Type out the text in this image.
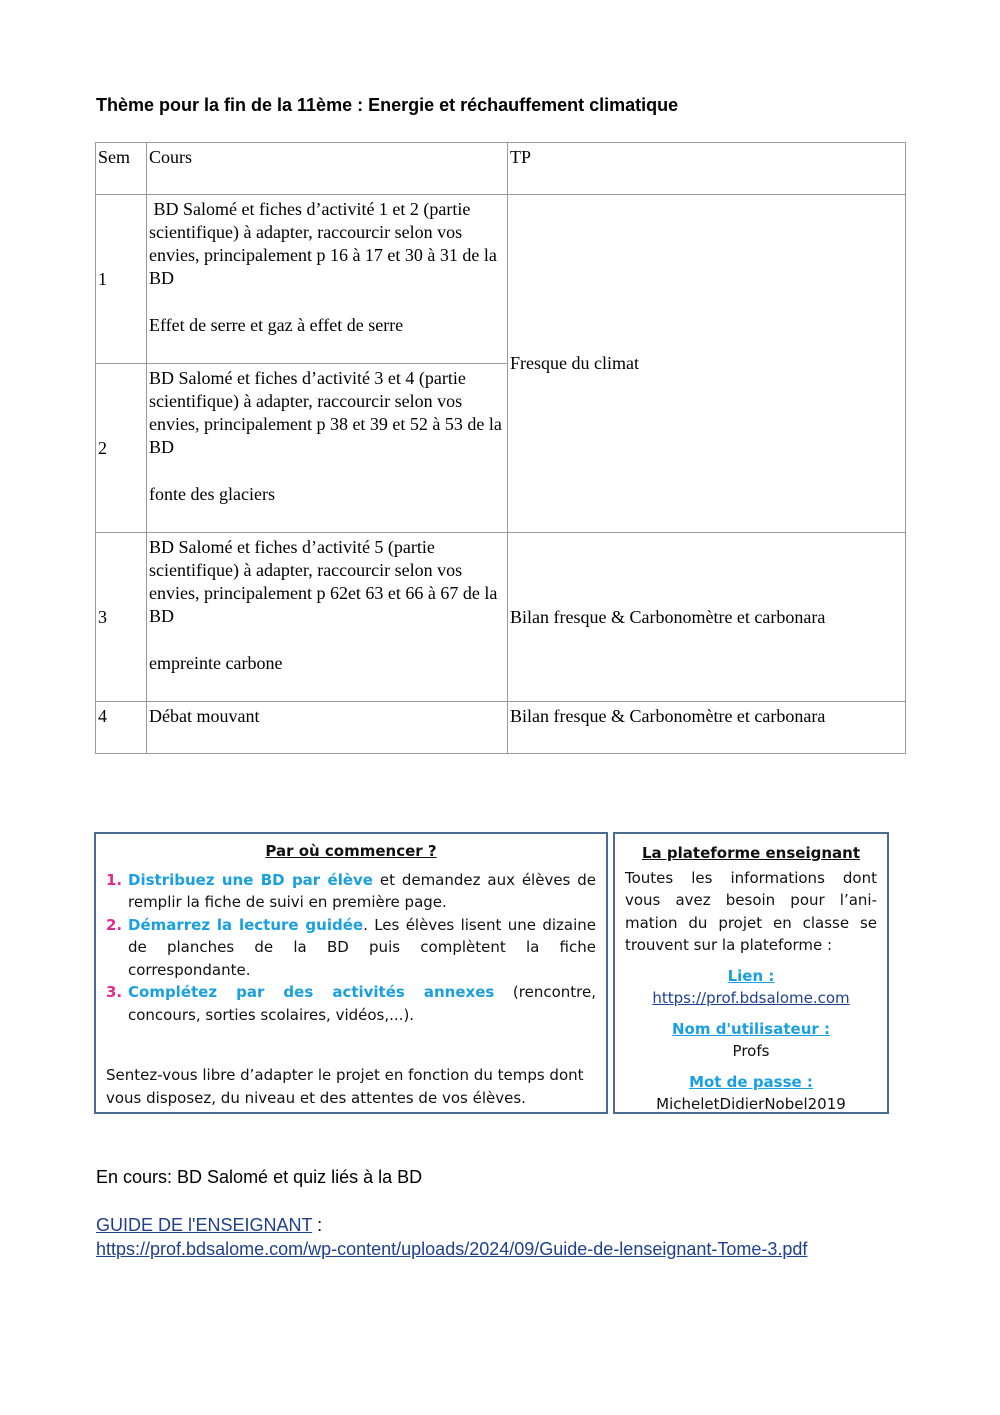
Thème pour la fin de la 11ème : Energie et réchauffement climatique
Sem	Cours	TP
1	BD Salomé et fiches d’activité 1 et 2 (partie scientifique) à adapter, raccourcir selon vos envies, principalement p 16 à 17 et 30 à 31 de la BD
Effet de serre et gaz à effet de serre	Fresque du climat
2	BD Salomé et fiches d’activité 3 et 4 (partie scientifique) à adapter, raccourcir selon vos envies, principalement p 38 et 39 et 52 à 53 de la BD
fonte des glaciers	

3	BD Salomé et fiches d’activité 5 (partie scientifique) à adapter, raccourcir selon vos envies, principalement p 62et 63 et 66 à 67 de la BD
empreinte carbone	Bilan fresque & Carbonomètre et carbonara
4	Débat mouvant	Bilan fresque & Carbonomètre et carbonara
Par où commencer ?
1. Distribuez une BD par élève et demandez aux élèves de remplir la fiche de suivi en première page.
2. Démarrez la lecture guidée. Les élèves lisent une dizaine de planches de la BD puis complètent la fiche correspondante.
3. Complétez par des activités annexes (rencontre, concours, sorties scolaires, vidéos,...).
Sentez-vous libre d’adapter le projet en fonction du temps dont vous disposez, du niveau et des attentes de vos élèves.
La plateforme enseignant
Toutes les informations dont vous avez besoin pour l’ani-mation du projet en classe se trouvent sur la plateforme :
Lien :
https://prof.bdsalome.com
Nom d'utilisateur :
Profs
Mot de passe :
MicheletDidierNobel2019
En cours: BD Salomé et quiz liés à la BD
GUIDE DE l'ENSEIGNANT :
https://prof.bdsalome.com/wp-content/uploads/2024/09/Guide-de-lenseignant-Tome-3.pdf
